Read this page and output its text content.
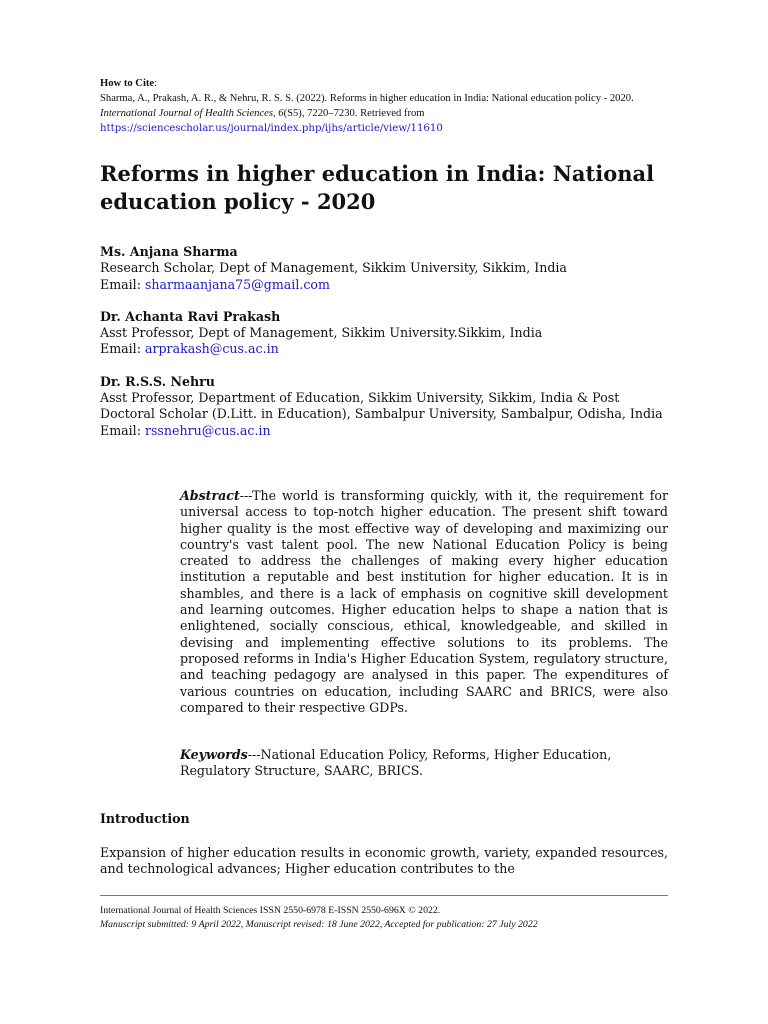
How to Cite:
Sharma, A., Prakash, A. R., & Nehru, R. S. S. (2022). Reforms in higher education in India: National education policy - 2020. International Journal of Health Sciences, 6(S5), 7220–7230. Retrieved from
https://sciencescholar.us/journal/index.php/ijhs/article/view/11610
Reforms in higher education in India: National education policy - 2020
Ms. Anjana Sharma
Research Scholar, Dept of Management, Sikkim University, Sikkim, India
Email: sharmaanjana75@gmail.com
Dr. Achanta Ravi Prakash
Asst Professor, Dept of Management, Sikkim University.Sikkim, India
Email: arprakash@cus.ac.in
Dr. R.S.S. Nehru
Asst Professor, Department of Education, Sikkim University, Sikkim, India & Post Doctoral Scholar (D.Litt. in Education), Sambalpur University, Sambalpur, Odisha, India
Email: rssnehru@cus.ac.in
Abstract---The world is transforming quickly, with it, the requirement for universal access to top-notch higher education. The present shift toward higher quality is the most effective way of developing and maximizing our country's vast talent pool. The new National Education Policy is being created to address the challenges of making every higher education institution a reputable and best institution for higher education. It is in shambles, and there is a lack of emphasis on cognitive skill development and learning outcomes. Higher education helps to shape a nation that is enlightened, socially conscious, ethical, knowledgeable, and skilled in devising and implementing effective solutions to its problems. The proposed reforms in India's Higher Education System, regulatory structure, and teaching pedagogy are analysed in this paper. The expenditures of various countries on education, including SAARC and BRICS, were also compared to their respective GDPs.
Keywords---National Education Policy, Reforms, Higher Education, Regulatory Structure, SAARC, BRICS.
Introduction

Expansion of higher education results in economic growth, variety, expanded resources, and technological advances; Higher education contributes to the

International Journal of Health Sciences ISSN 2550-6978 E-ISSN 2550-696X © 2022.
Manuscript submitted: 9 April 2022, Manuscript revised: 18 June 2022, Accepted for publication: 27 July 2022
